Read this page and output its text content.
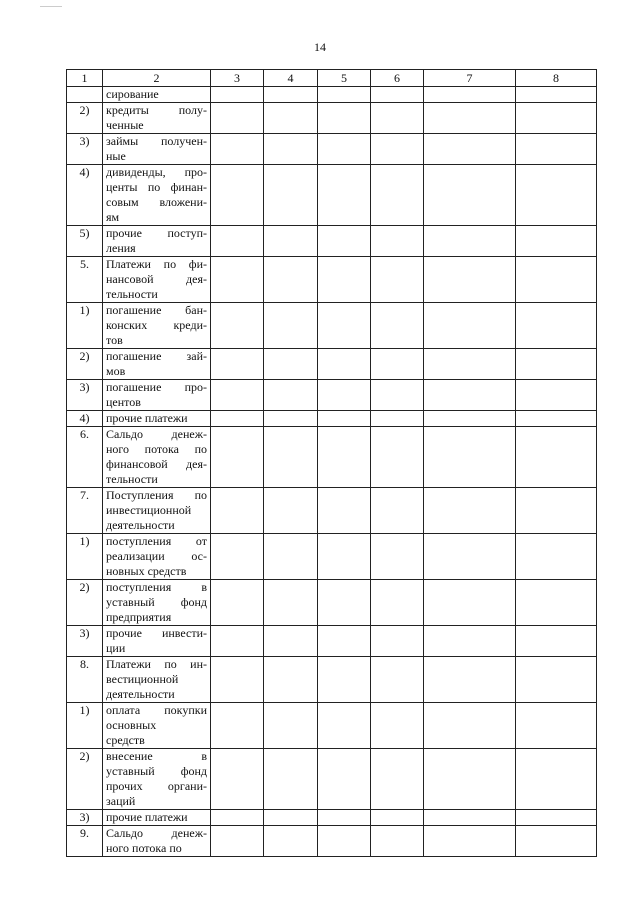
14
1	2	3	4	5	6	7	8

	сирование						

2)	кредиты полу-
ченные						

3)	займы получен-
ные						

4)	дивиденды, про-
центы по финан-
совым вложени-
ям						

5)	прочие поступ-
ления						

5.	Платежи по фи-
нансовой дея-
тельности						

1)	погашение бан-
конских креди-
тов						

2)	погашение зай-
мов						

3)	погашение про-
центов						

4)	прочие платежи						

6.	Сальдо денеж-
ного потока по
финансовой дея-
тельности						

7.	Поступления по
инвестиционной
деятельности						

1)	поступления от
реализации ос-
новных средств						

2)	поступления в
уставный фонд
предприятия						

3)	прочие инвести-
ции						

8.	Платежи по ин-
вестиционной
деятельности						

1)	оплата покупки
основных
средств						

2)	внесение в
уставный фонд
прочих органи-
заций						

3)	прочие платежи						

9.	Сальдо денеж-
ного потока по						
